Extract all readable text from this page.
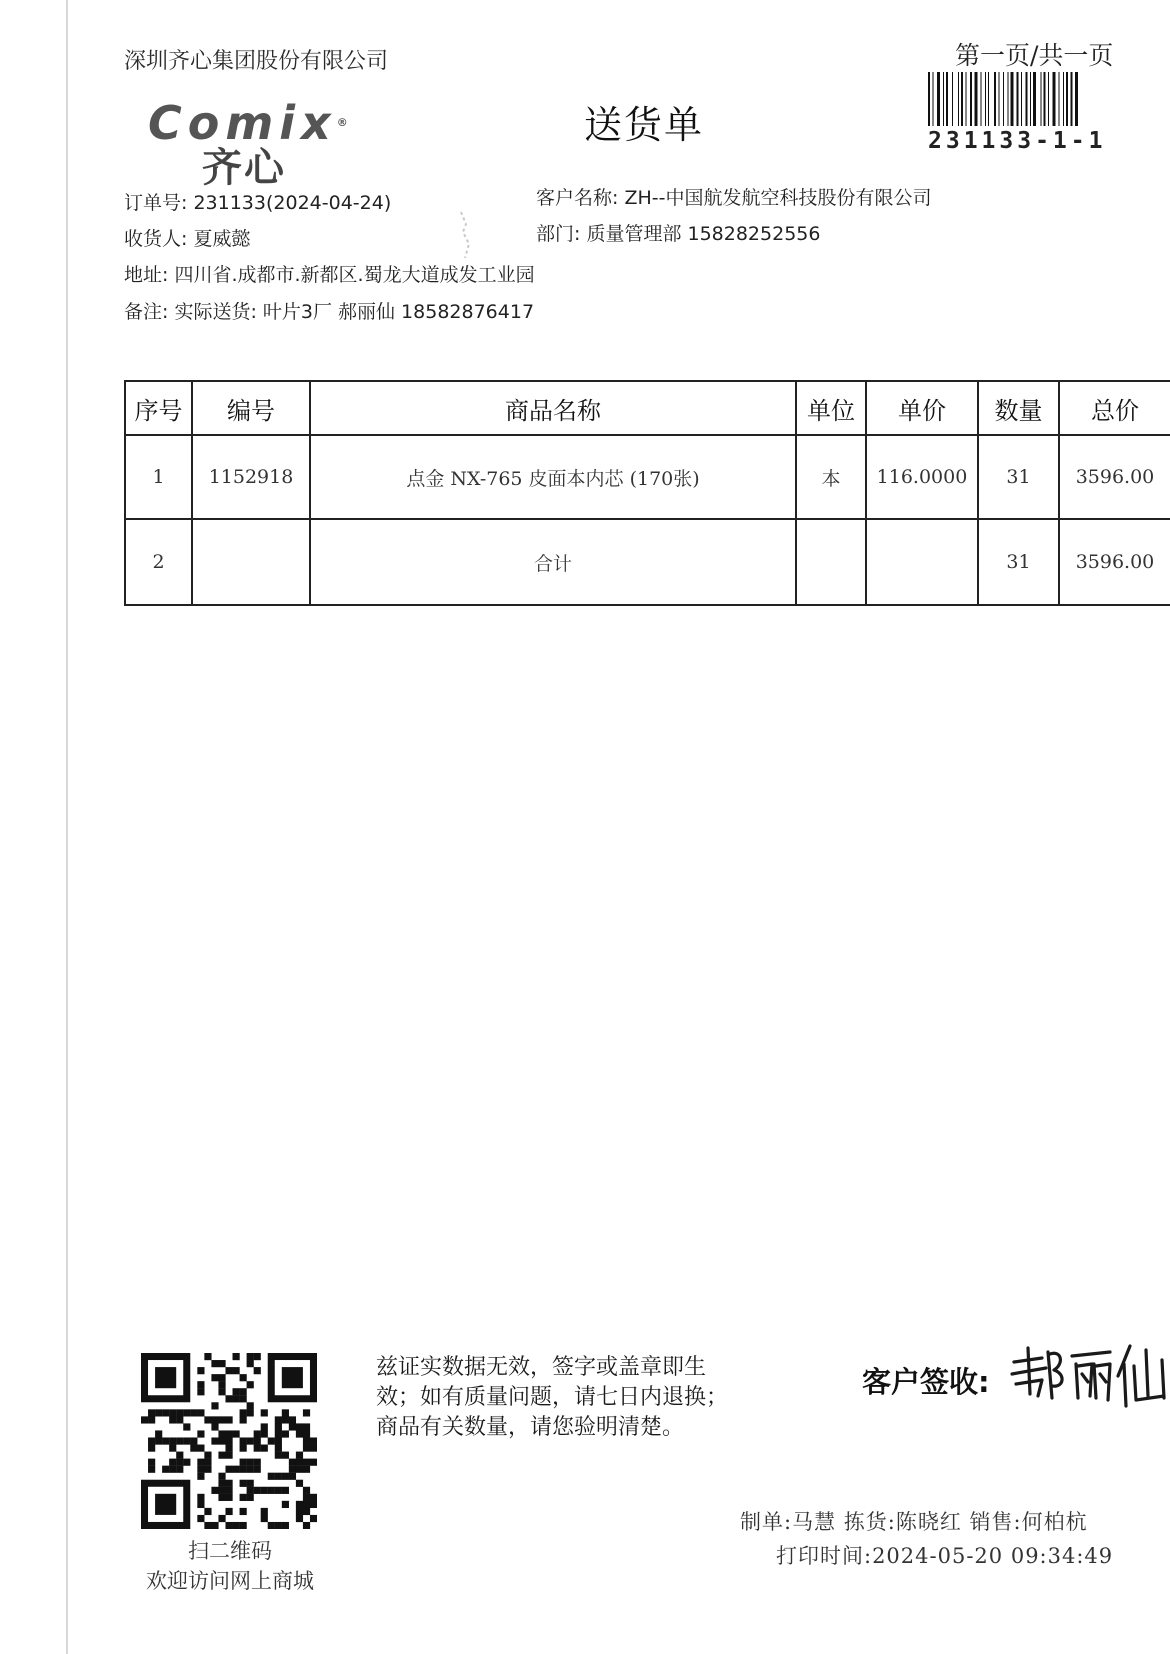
深圳齐心集团股份有限公司	第一页/共一页
送货单
Comix®
齐心
231133-1-1
订单号: 231133(2024-04-24)	客户名称: ZH--中国航发航空科技股份有限公司
收货人: 夏威懿	部门: 质量管理部 15828252556
地址: 四川省.成都市.新都区.蜀龙大道成发工业园
备注: 实际送货: 叶片3厂 郝丽仙 18582876417
序号	编号	商品名称	单位	单价	数量	总价
1	1152918	点金 NX-765 皮面本内芯 (170张)	本	116.0000	31	3596.00
2		合计			31	3596.00
扫二维码
欢迎访问网上商城
兹证实数据无效，签字或盖章即生
效；如有质量问题，请七日内退换；
商品有关数量，请您验明清楚。
客户签收:
制单:马慧 拣货:陈晓红 销售:何柏杭
打印时间:2024-05-20 09:34:49
